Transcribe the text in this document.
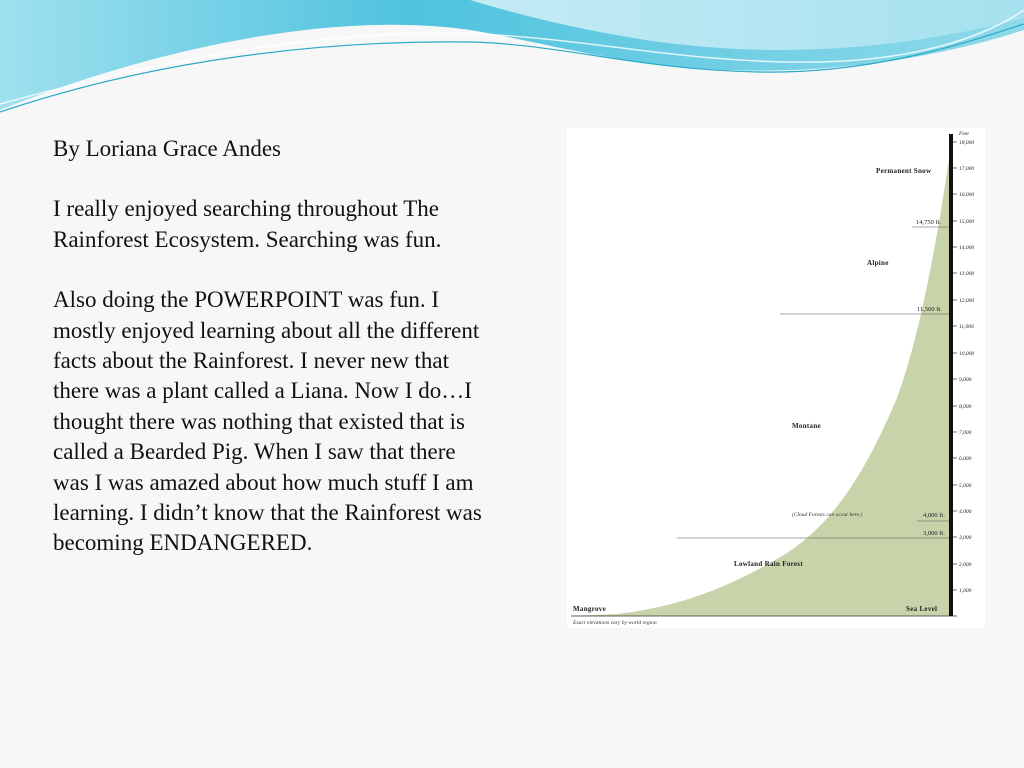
By Loriana Grace Andes

I really enjoyed searching throughout The Rainforest Ecosystem. Searching was fun.

Also doing the POWERPOINT was fun. I mostly enjoyed learning about all the different facts about the Rainforest. I never new that there was a plant called a Liana. Now I do…I thought there was nothing that existed that is called a Bearded Pig. When I saw that there was I was amazed about how much stuff I am learning. I didn’t know that the Rainforest was becoming ENDANGERED.

Feet
18,000
17,000
16,000
15,000
14,000
13,000
12,000
11,000
10,000
9,000
8,000
7,000
6,000
5,000
4,000
3,000
2,000
1,000
14,750 ft.
11,500 ft.
4,000 ft.
3,000 ft.
Permanent Snow
Alpine
Montane
(Cloud Forests can occur here.)
Lowland Rain Forest
Mangrove	Sea Level
Exact elevations vary by world region
